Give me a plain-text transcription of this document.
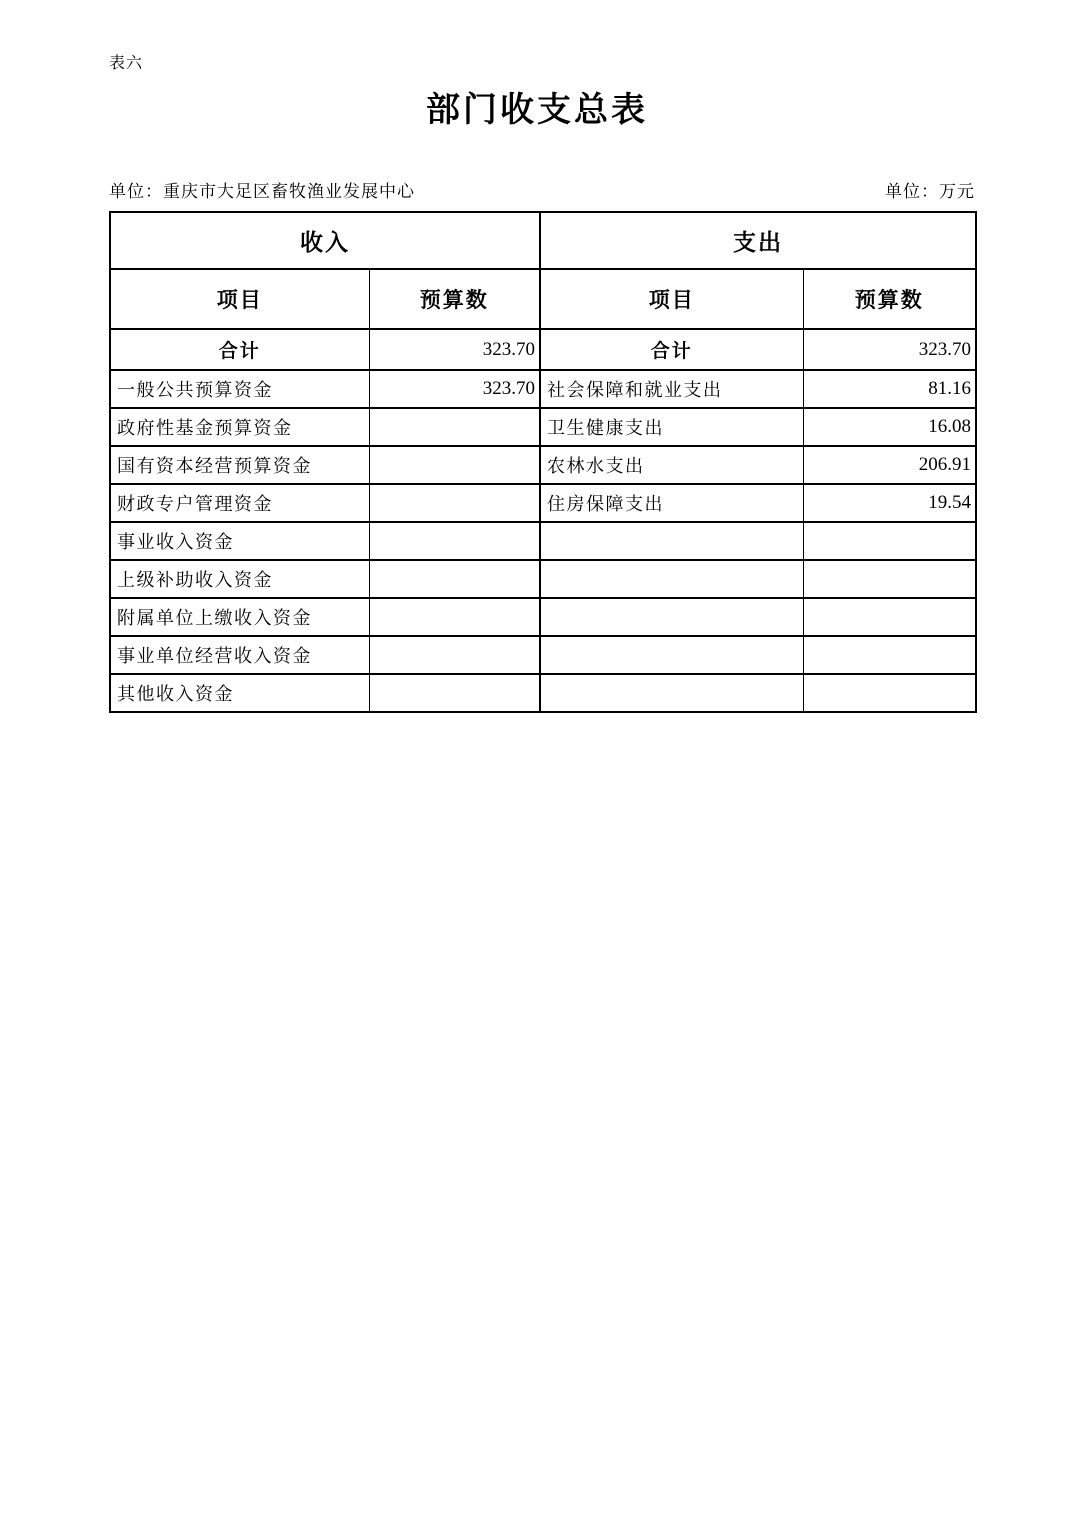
表六
部门收支总表
单位：重庆市大足区畜牧渔业发展中心	单位：万元
收入		支出	
项目	预算数	项目	预算数
合计	323.70	合计	323.70
一般公共预算资金	323.70	社会保障和就业支出	81.16
政府性基金预算资金		卫生健康支出	16.08
国有资本经营预算资金		农林水支出	206.91
财政专户管理资金		住房保障支出	19.54
事业收入资金			
上级补助收入资金			
附属单位上缴收入资金			
事业单位经营收入资金			
其他收入资金			
